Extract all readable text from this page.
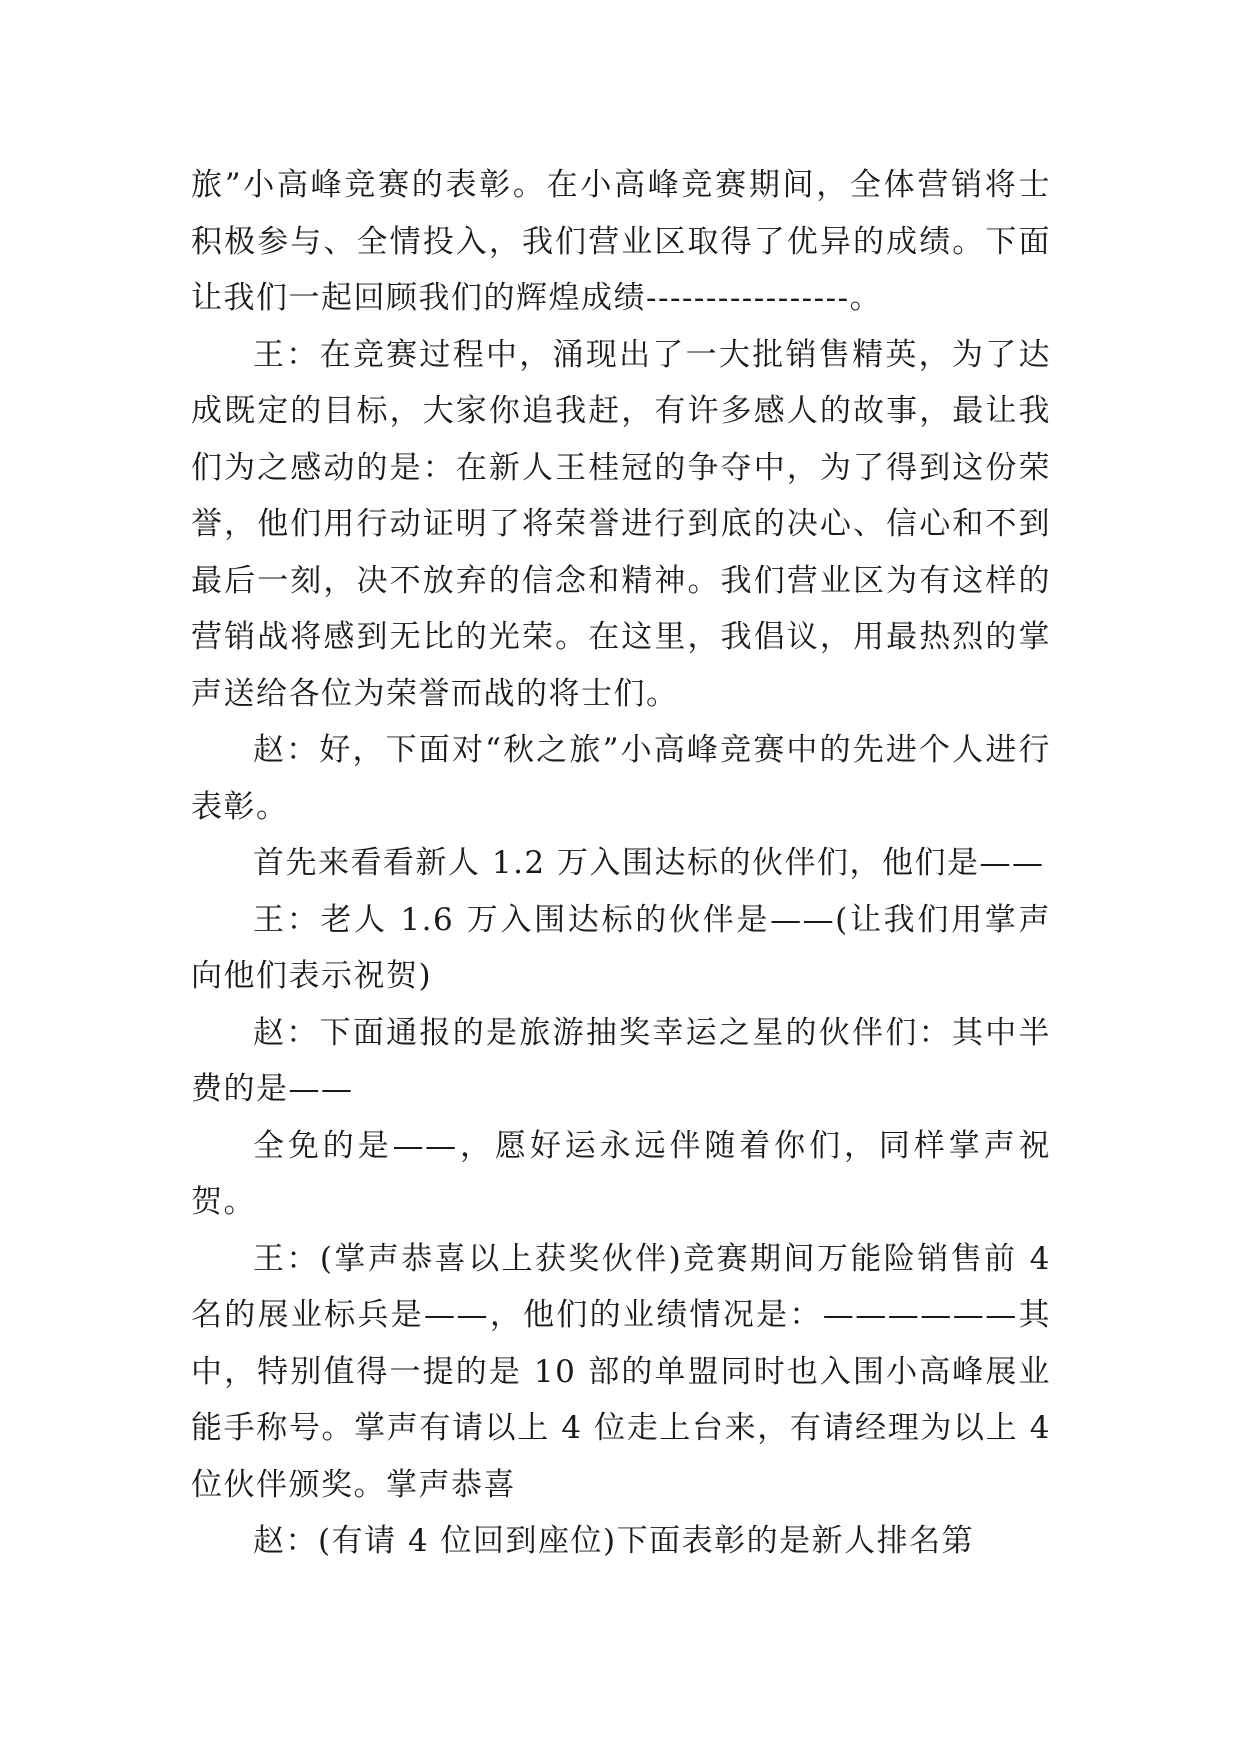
旅”小高峰竞赛的表彰。在小高峰竞赛期间，全体营销将士积极参与、全情投入，我们营业区取得了优异的成绩。下面让我们一起回顾我们的辉煌成绩-----------------。

王：在竞赛过程中，涌现出了一大批销售精英，为了达成既定的目标，大家你追我赶，有许多感人的故事，最让我们为之感动的是：在新人王桂冠的争夺中，为了得到这份荣誉，他们用行动证明了将荣誉进行到底的决心、信心和不到最后一刻，决不放弃的信念和精神。我们营业区为有这样的营销战将感到无比的光荣。在这里，我倡议，用最热烈的掌声送给各位为荣誉而战的将士们。

赵：好，下面对“秋之旅”小高峰竞赛中的先进个人进行表彰。

首先来看看新人 1.2 万入围达标的伙伴们，他们是——

王：老人 1.6 万入围达标的伙伴是——(让我们用掌声向他们表示祝贺)

赵：下面通报的是旅游抽奖幸运之星的伙伴们：其中半费的是——

全免的是——，愿好运永远伴随着你们，同样掌声祝贺。

王：(掌声恭喜以上获奖伙伴)竞赛期间万能险销售前 4 名的展业标兵是——，他们的业绩情况是：——————其中，特别值得一提的是 10 部的单盟同时也入围小高峰展业能手称号。掌声有请以上 4 位走上台来，有请经理为以上 4 位伙伴颁奖。掌声恭喜

赵：(有请 4 位回到座位)下面表彰的是新人排名第
